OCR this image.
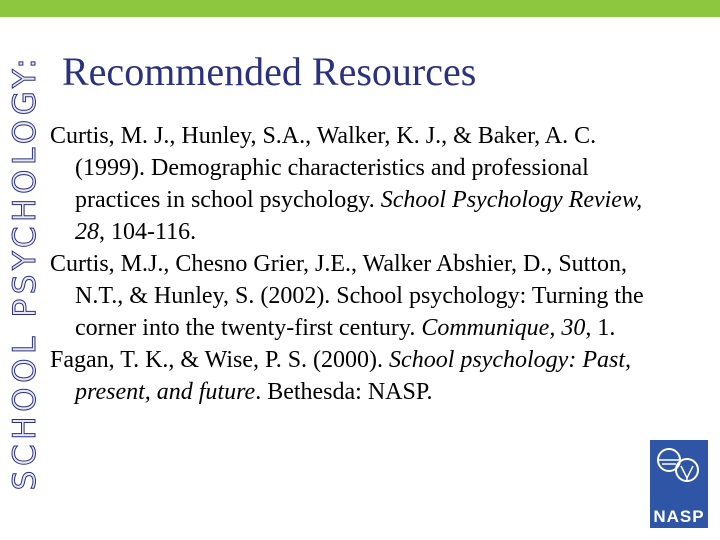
SCHOOL PSYCHOLOGY: Recommended Resources

Curtis, M. J., Hunley, S.A., Walker, K. J., & Baker, A. C. (1999). Demographic characteristics and professional practices in school psychology. School Psychology Review, 28, 104-116.

Curtis, M.J., Chesno Grier, J.E., Walker Abshier, D., Sutton, N.T., & Hunley, S. (2002). School psychology: Turning the corner into the twenty-first century. Communique, 30, 1.

Fagan, T. K., & Wise, P. S. (2000). School psychology: Past, present, and future. Bethesda: NASP.

NASP
